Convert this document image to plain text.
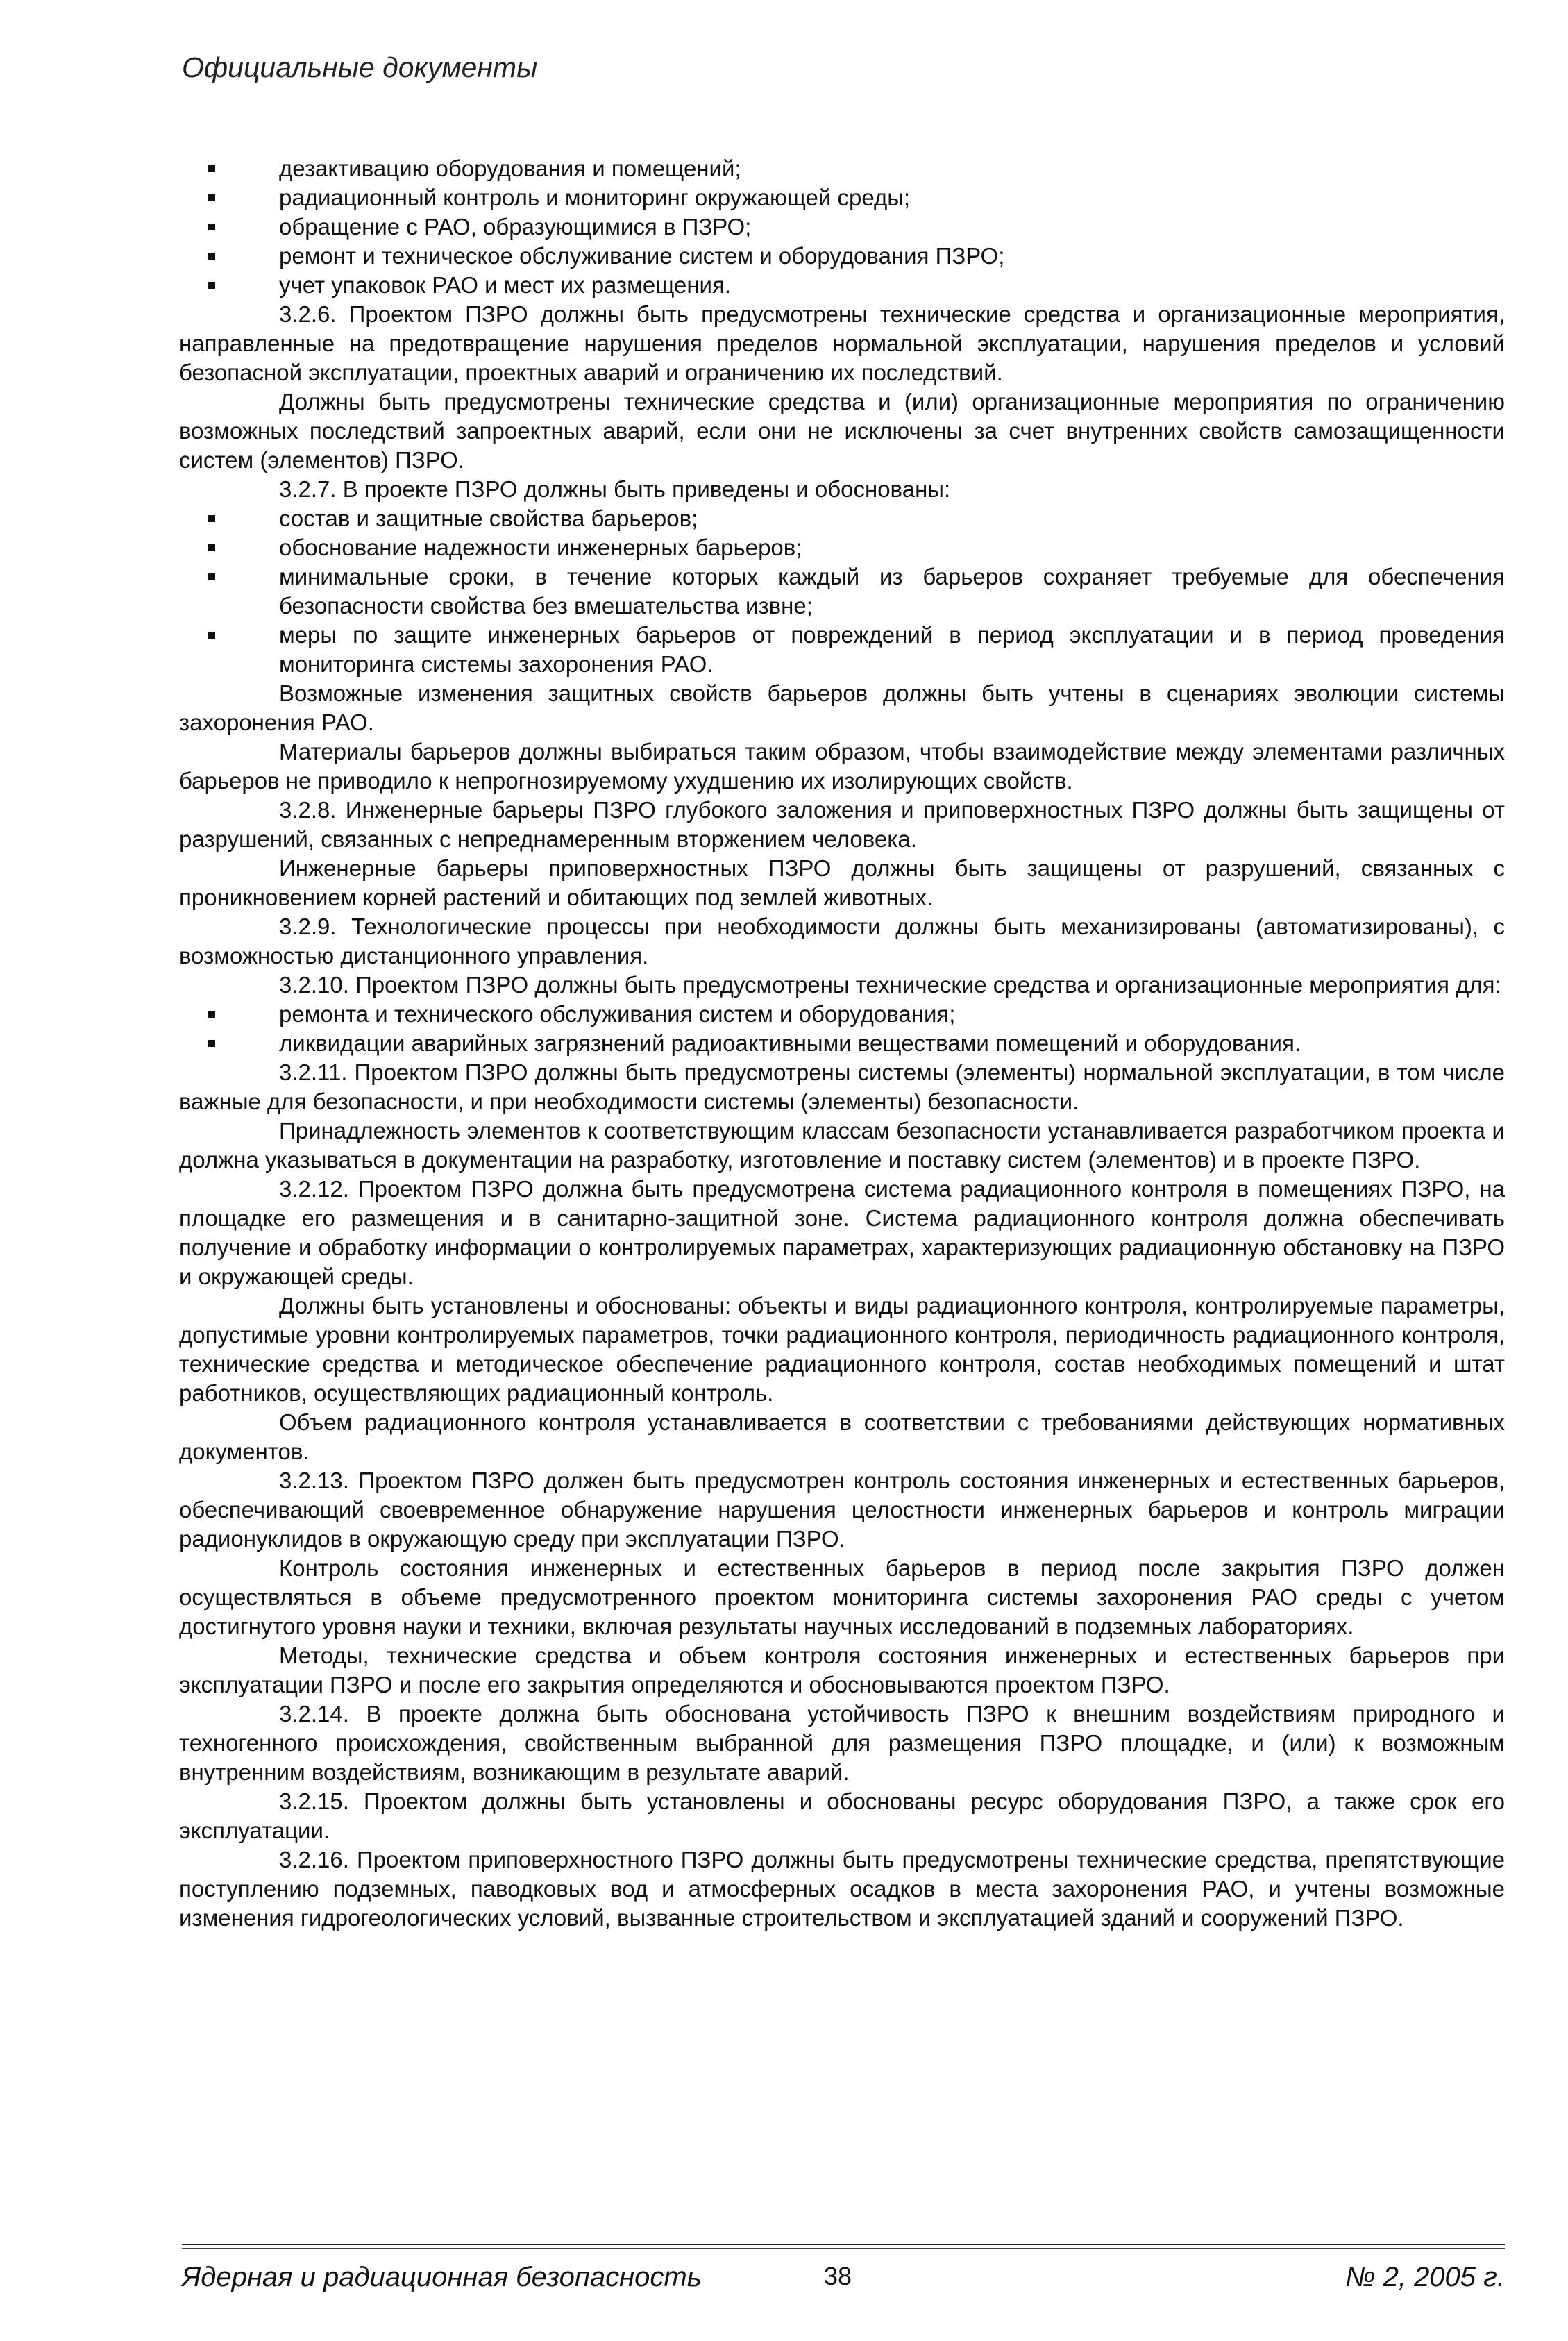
Официальные документы
дезактивацию оборудования и помещений;
радиационный контроль и мониторинг окружающей среды;
обращение с РАО, образующимися в ПЗРО;
ремонт и техническое обслуживание систем и оборудования ПЗРО;
учет упаковок РАО и мест их размещения.

3.2.6. Проектом ПЗРО должны быть предусмотрены технические средства и организационные мероприятия, направленные на предотвращение нарушения пределов нормальной эксплуатации, нарушения пределов и условий безопасной эксплуатации, проектных аварий и ограничению их последствий.

Должны быть предусмотрены технические средства и (или) организационные мероприятия по ограничению возможных последствий запроектных аварий, если они не исключены за счет внутренних свойств самозащищенности систем (элементов) ПЗРО.

3.2.7. В проекте ПЗРО должны быть приведены и обоснованы:

состав и защитные свойства барьеров;
обоснование надежности инженерных барьеров;
минимальные сроки, в течение которых каждый из барьеров сохраняет требуемые для обеспечения безопасности свойства без вмешательства извне;
меры по защите инженерных барьеров от повреждений в период эксплуатации и в период проведения мониторинга системы захоронения РАО.

Возможные изменения защитных свойств барьеров должны быть учтены в сценариях эволюции системы захоронения РАО.

Материалы барьеров должны выбираться таким образом, чтобы взаимодействие между элементами различных барьеров не приводило к непрогнозируемому ухудшению их изолирующих свойств.

3.2.8. Инженерные барьеры ПЗРО глубокого заложения и приповерхностных ПЗРО должны быть защищены от разрушений, связанных с непреднамеренным вторжением человека.

Инженерные барьеры приповерхностных ПЗРО должны быть защищены от разрушений, связанных с проникновением корней растений и обитающих под землей животных.

3.2.9. Технологические процессы при необходимости должны быть механизированы (автоматизированы), с возможностью дистанционного управления.

3.2.10. Проектом ПЗРО должны быть предусмотрены технические средства и организационные мероприятия для:

ремонта и технического обслуживания систем и оборудования;
ликвидации аварийных загрязнений радиоактивными веществами помещений и оборудования.

3.2.11. Проектом ПЗРО должны быть предусмотрены системы (элементы) нормальной эксплуатации, в том числе важные для безопасности, и при необходимости системы (элементы) безопасности.

Принадлежность элементов к соответствующим классам безопасности устанавливается разработчиком проекта и должна указываться в документации на разработку, изготовление и поставку систем (элементов) и в проекте ПЗРО.

3.2.12. Проектом ПЗРО должна быть предусмотрена система радиационного контроля в помещениях ПЗРО, на площадке его размещения и в санитарно-защитной зоне. Система радиационного контроля должна обеспечивать получение и обработку информации о контролируемых параметрах, характеризующих радиационную обстановку на ПЗРО и окружающей среды.

Должны быть установлены и обоснованы: объекты и виды радиационного контроля, контролируемые параметры, допустимые уровни контролируемых параметров, точки радиационного контроля, периодичность радиационного контроля, технические средства и методическое обеспечение радиационного контроля, состав необходимых помещений и штат работников, осуществляющих радиационный контроль.

Объем радиационного контроля устанавливается в соответствии с требованиями действующих нормативных документов.

3.2.13. Проектом ПЗРО должен быть предусмотрен контроль состояния инженерных и естественных барьеров, обеспечивающий своевременное обнаружение нарушения целостности инженерных барьеров и контроль миграции радионуклидов в окружающую среду при эксплуатации ПЗРО.

Контроль состояния инженерных и естественных барьеров в период после закрытия ПЗРО должен осуществляться в объеме предусмотренного проектом мониторинга системы захоронения РАО среды с учетом достигнутого уровня науки и техники, включая результаты научных исследований в подземных лабораториях.

Методы, технические средства и объем контроля состояния инженерных и естественных барьеров при эксплуатации ПЗРО и после его закрытия определяются и обосновываются проектом ПЗРО.

3.2.14. В проекте должна быть обоснована устойчивость ПЗРО к внешним воздействиям природного и техногенного происхождения, свойственным выбранной для размещения ПЗРО площадке, и (или) к возможным внутренним воздействиям, возникающим в результате аварий.

3.2.15. Проектом должны быть установлены и обоснованы ресурс оборудования ПЗРО, а также срок его эксплуатации.

3.2.16. Проектом приповерхностного ПЗРО должны быть предусмотрены технические средства, препятствующие поступлению подземных, паводковых вод и атмосферных осадков в места захоронения РАО, и учтены возможные изменения гидрогеологических условий, вызванные строительством и эксплуатацией зданий и сооружений ПЗРО.

Ядерная и радиационная безопасность	38	№ 2, 2005 г.
